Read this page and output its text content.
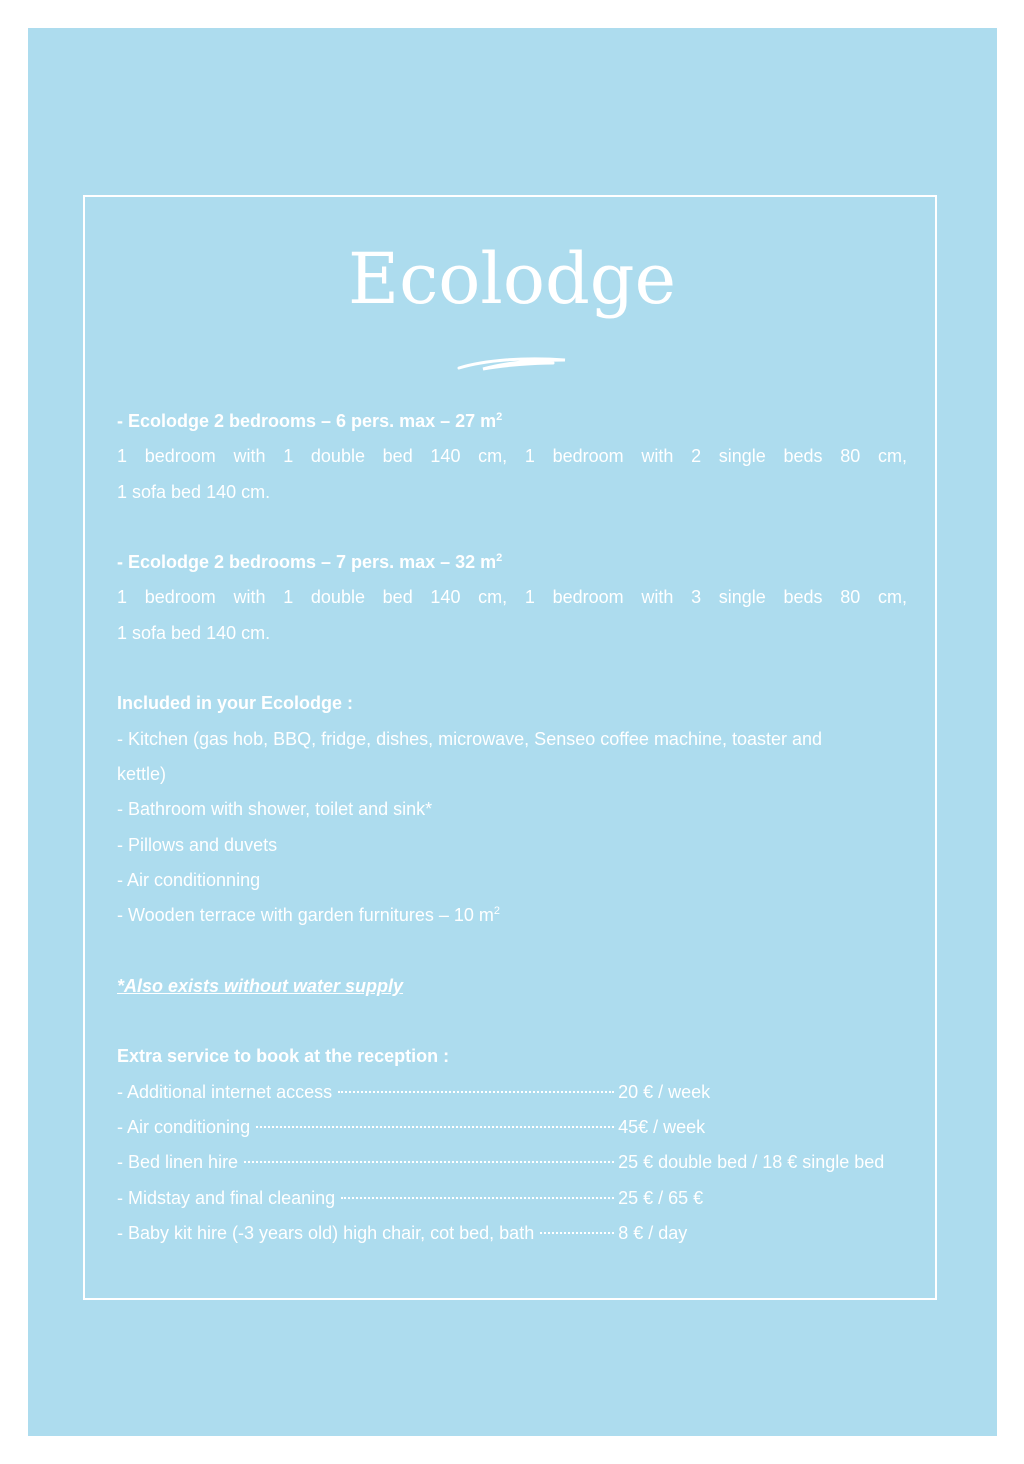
Ecolodge
- Ecolodge 2 bedrooms – 6 pers. max – 27 $m^2$
1 bedroom with 1 double bed 140 cm, 1 bedroom with 2 single beds 80 cm,
1 sofa bed 140 cm.
- Ecolodge 2 bedrooms – 7 pers. max – 32 $m^2$
1 bedroom with 1 double bed 140 cm, 1 bedroom with 3 single beds 80 cm,
1 sofa bed 140 cm.
Included in your Ecolodge :
- Kitchen (gas hob, BBQ, fridge, dishes, microwave, Senseo coffee machine, toaster and
kettle)
- Bathroom with shower, toilet and sink*
- Pillows and duvets
- Air conditionning
- Wooden terrace with garden furnitures – 10 $m^2$
*Also exists without water supply
Extra service to book at the reception :
- Additional internet access	20 € / week
- Air conditioning	45€ / week
- Bed linen hire	25 € double bed / 18 € single bed
- Midstay and final cleaning	25 € / 65 €
- Baby kit hire (-3 years old) high chair, cot bed, bath	8 € / day
